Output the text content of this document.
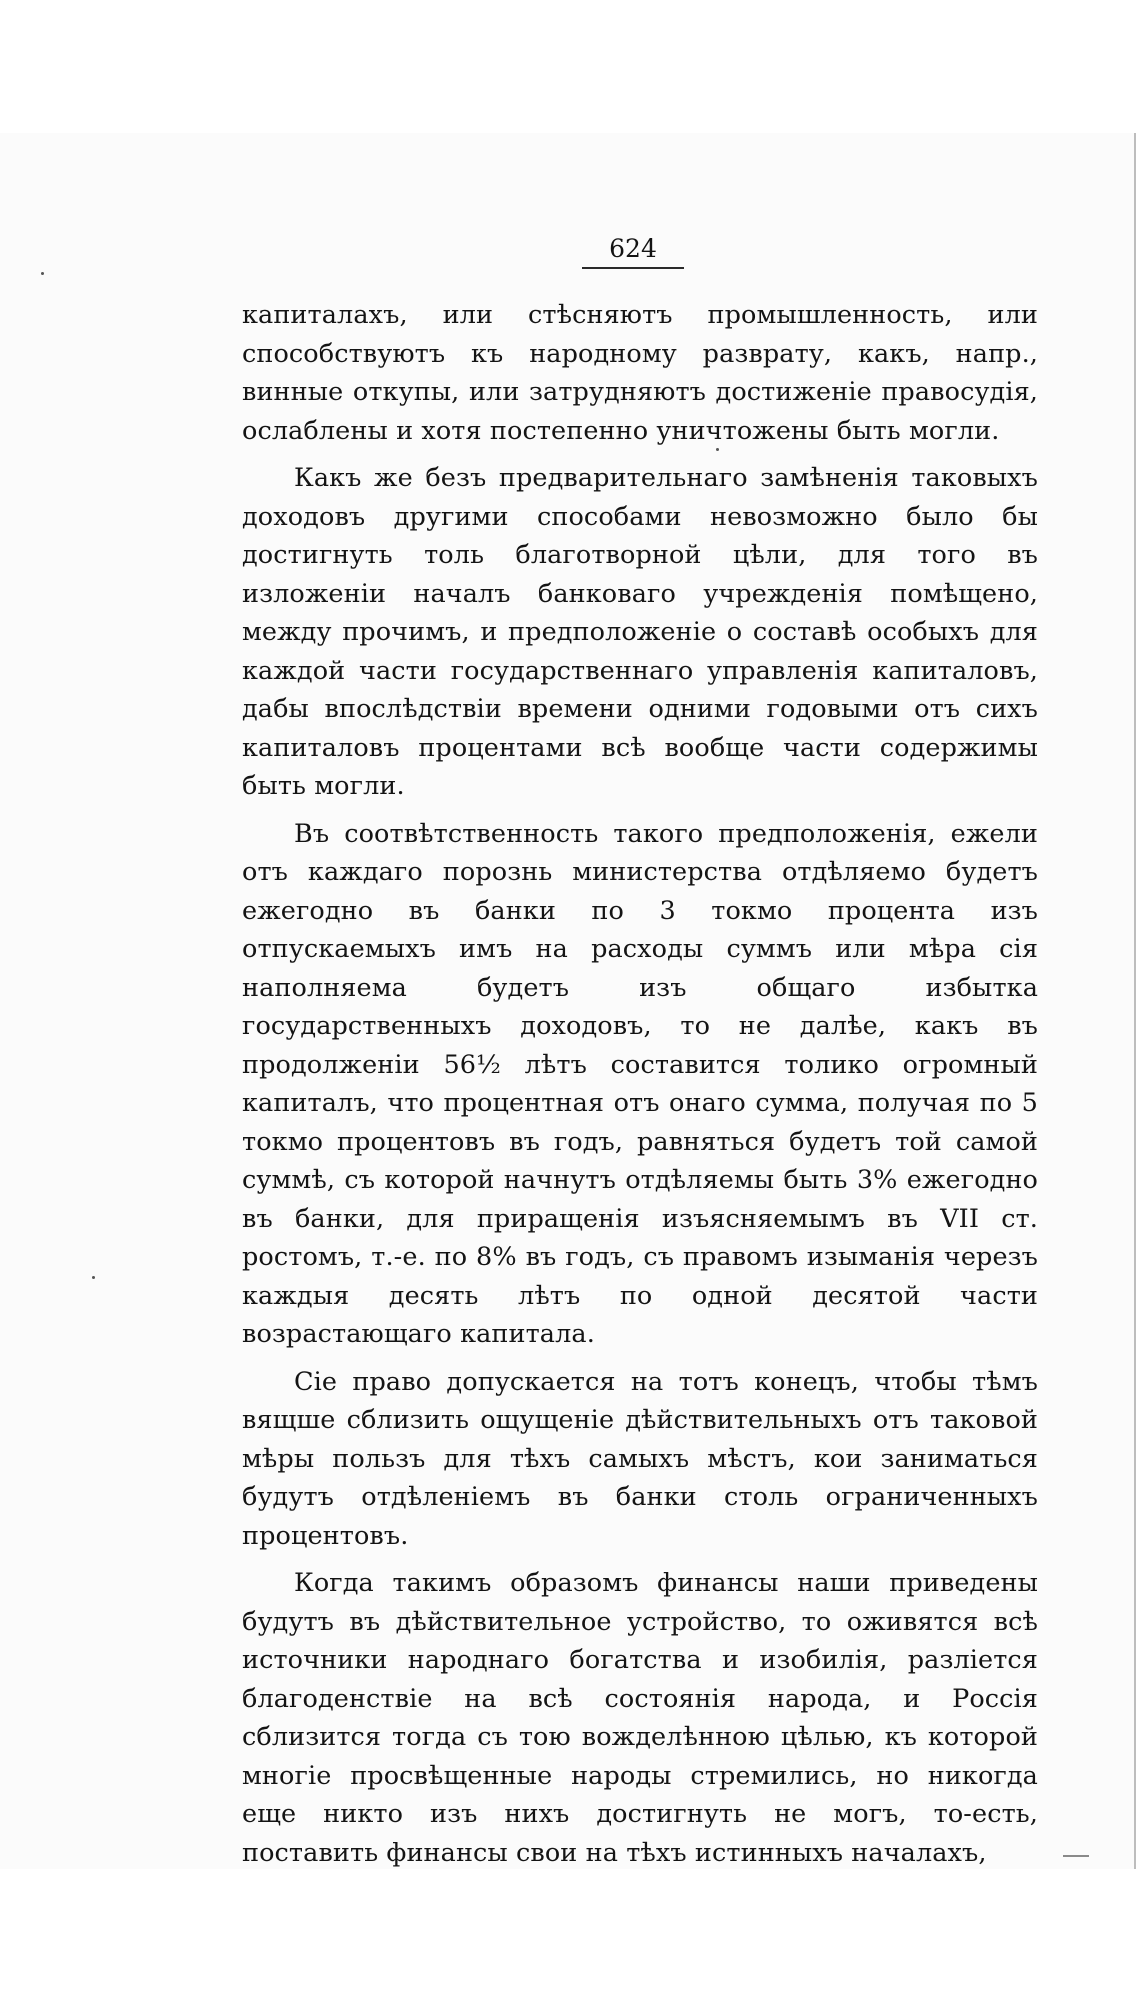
624

капиталахъ, или стѣсняютъ промышленность, или способствуютъ къ народному разврату, какъ, напр., винные откупы, или затрудняютъ достиженіе правосудія, ослаблены и хотя постепенно уничтожены быть могли.

Какъ же безъ предварительнаго замѣненія таковыхъ доходовъ другими способами невозможно было бы достигнуть толь благотворной цѣли, для того въ изложеніи началъ банковаго учрежденія помѣщено, между прочимъ, и предположеніе о составѣ особыхъ для каждой части государственнаго управленія капиталовъ, дабы впослѣдствіи времени одними годовыми отъ сихъ капиталовъ процентами всѣ вообще части содержимы быть могли.

Въ соотвѣтственность такого предположенія, ежели отъ каждаго порознь министерства отдѣляемо будетъ ежегодно въ банки по 3 токмо процента изъ отпускаемыхъ имъ на расходы суммъ или мѣра сія наполняема будетъ изъ общаго избытка государственныхъ доходовъ, то не далѣе, какъ въ продолженіи 56½ лѣтъ составится толико огромный капиталъ, что процентная отъ онаго сумма, получая по 5 токмо процентовъ въ годъ, равняться будетъ той самой суммѣ, съ которой начнутъ отдѣляемы быть 3% ежегодно въ банки, для приращенія изъясняемымъ въ VII ст. ростомъ, т.-е. по 8% въ годъ, съ правомъ изыманія черезъ каждыя десять лѣтъ по одной десятой части возрастающаго капитала.

Сіе право допускается на тотъ конецъ, чтобы тѣмъ вящше сблизить ощущеніе дѣйствительныхъ отъ таковой мѣры пользъ для тѣхъ самыхъ мѣстъ, кои заниматься будутъ отдѣленіемъ въ банки столь ограниченныхъ процентовъ.

Когда такимъ образомъ финансы наши приведены будутъ въ дѣйствительное устройство, то оживятся всѣ источники народнаго богатства и изобилія, разліется благоденствіе на всѣ состоянія народа, и Россія сблизится тогда съ тою вожделѣнною цѣлью, къ которой многіе просвѣщенные народы стремились, но никогда еще никто изъ нихъ достигнуть не могъ, то-есть, поставить финансы свои на тѣхъ истинныхъ началахъ,
